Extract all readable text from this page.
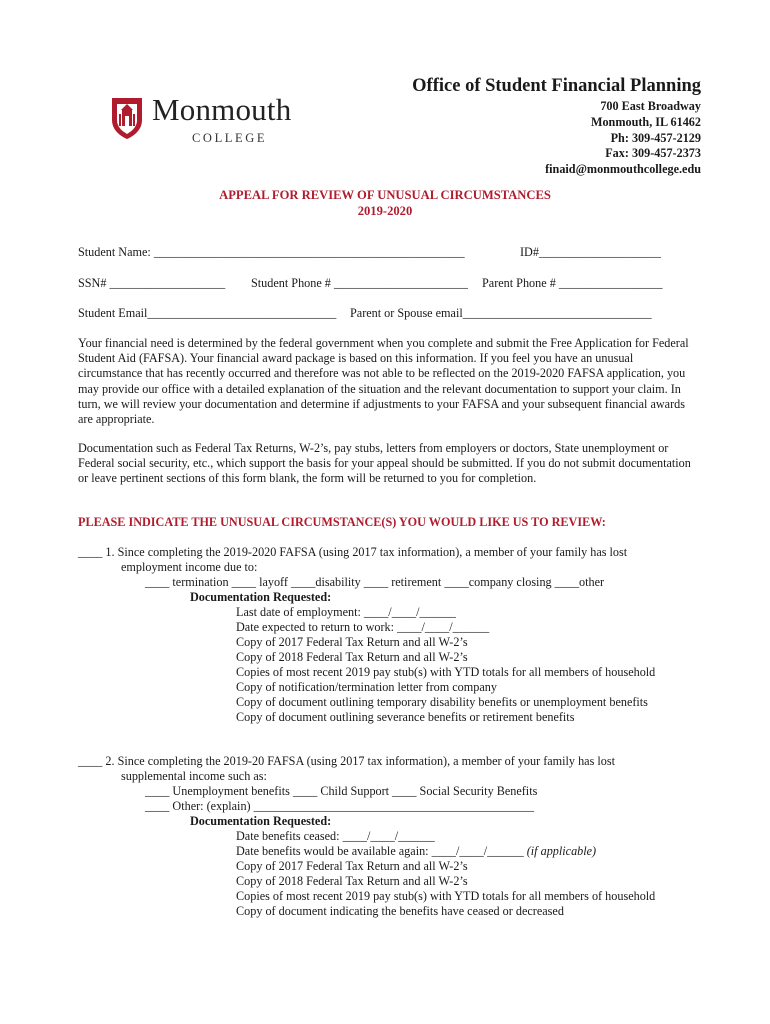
Monmouth
COLLEGE
Office of Student Financial Planning
700 East Broadway
Monmouth, IL 61462
Ph: 309-457-2129
Fax: 309-457-2373
finaid@monmouthcollege.edu
APPEAL FOR REVIEW OF UNUSUAL CIRCUMSTANCES
2019-2020
Student Name: ___________________________________________________	ID#____________________
SSN# ___________________ Student Phone # ______________________ Parent Phone # _________________
Student Email_______________________________ Parent or Spouse email_______________________________
Your financial need is determined by the federal government when you complete and submit the Free Application for Federal Student Aid (FAFSA). Your financial award package is based on this information. If you feel you have an unusual circumstance that has recently occurred and therefore was not able to be reflected on the 2019-2020 FAFSA application, you may provide our office with a detailed explanation of the situation and the relevant documentation to support your claim. In turn, we will review your documentation and determine if adjustments to your FAFSA and your subsequent financial awards are appropriate.
Documentation such as Federal Tax Returns, W-2’s, pay stubs, letters from employers or doctors, State unemployment or Federal social security, etc., which support the basis for your appeal should be submitted. If you do not submit documentation or leave pertinent sections of this form blank, the form will be returned to you for completion.
PLEASE INDICATE THE UNUSUAL CIRCUMSTANCE(S) YOU WOULD LIKE US TO REVIEW:
____ 1. Since completing the 2019-2020 FAFSA (using 2017 tax information), a member of your family has lost
employment income due to:
____ termination ____ layoff ____disability ____ retirement ____company closing ____other
Documentation Requested:
Last date of employment: ____/____/______
Date expected to return to work: ____/____/______
Copy of 2017 Federal Tax Return and all W-2’s
Copy of 2018 Federal Tax Return and all W-2’s
Copies of most recent 2019 pay stub(s) with YTD totals for all members of household
Copy of notification/termination letter from company
Copy of document outlining temporary disability benefits or unemployment benefits
Copy of document outlining severance benefits or retirement benefits
____ 2. Since completing the 2019-20 FAFSA (using 2017 tax information), a member of your family has lost
supplemental income such as:
____ Unemployment benefits ____ Child Support ____ Social Security Benefits
____ Other: (explain) ______________________________________________
Documentation Requested:
Date benefits ceased: ____/____/______
Date benefits would be available again: ____/____/______ (if applicable)
Copy of 2017 Federal Tax Return and all W-2’s
Copy of 2018 Federal Tax Return and all W-2’s
Copies of most recent 2019 pay stub(s) with YTD totals for all members of household
Copy of document indicating the benefits have ceased or decreased
